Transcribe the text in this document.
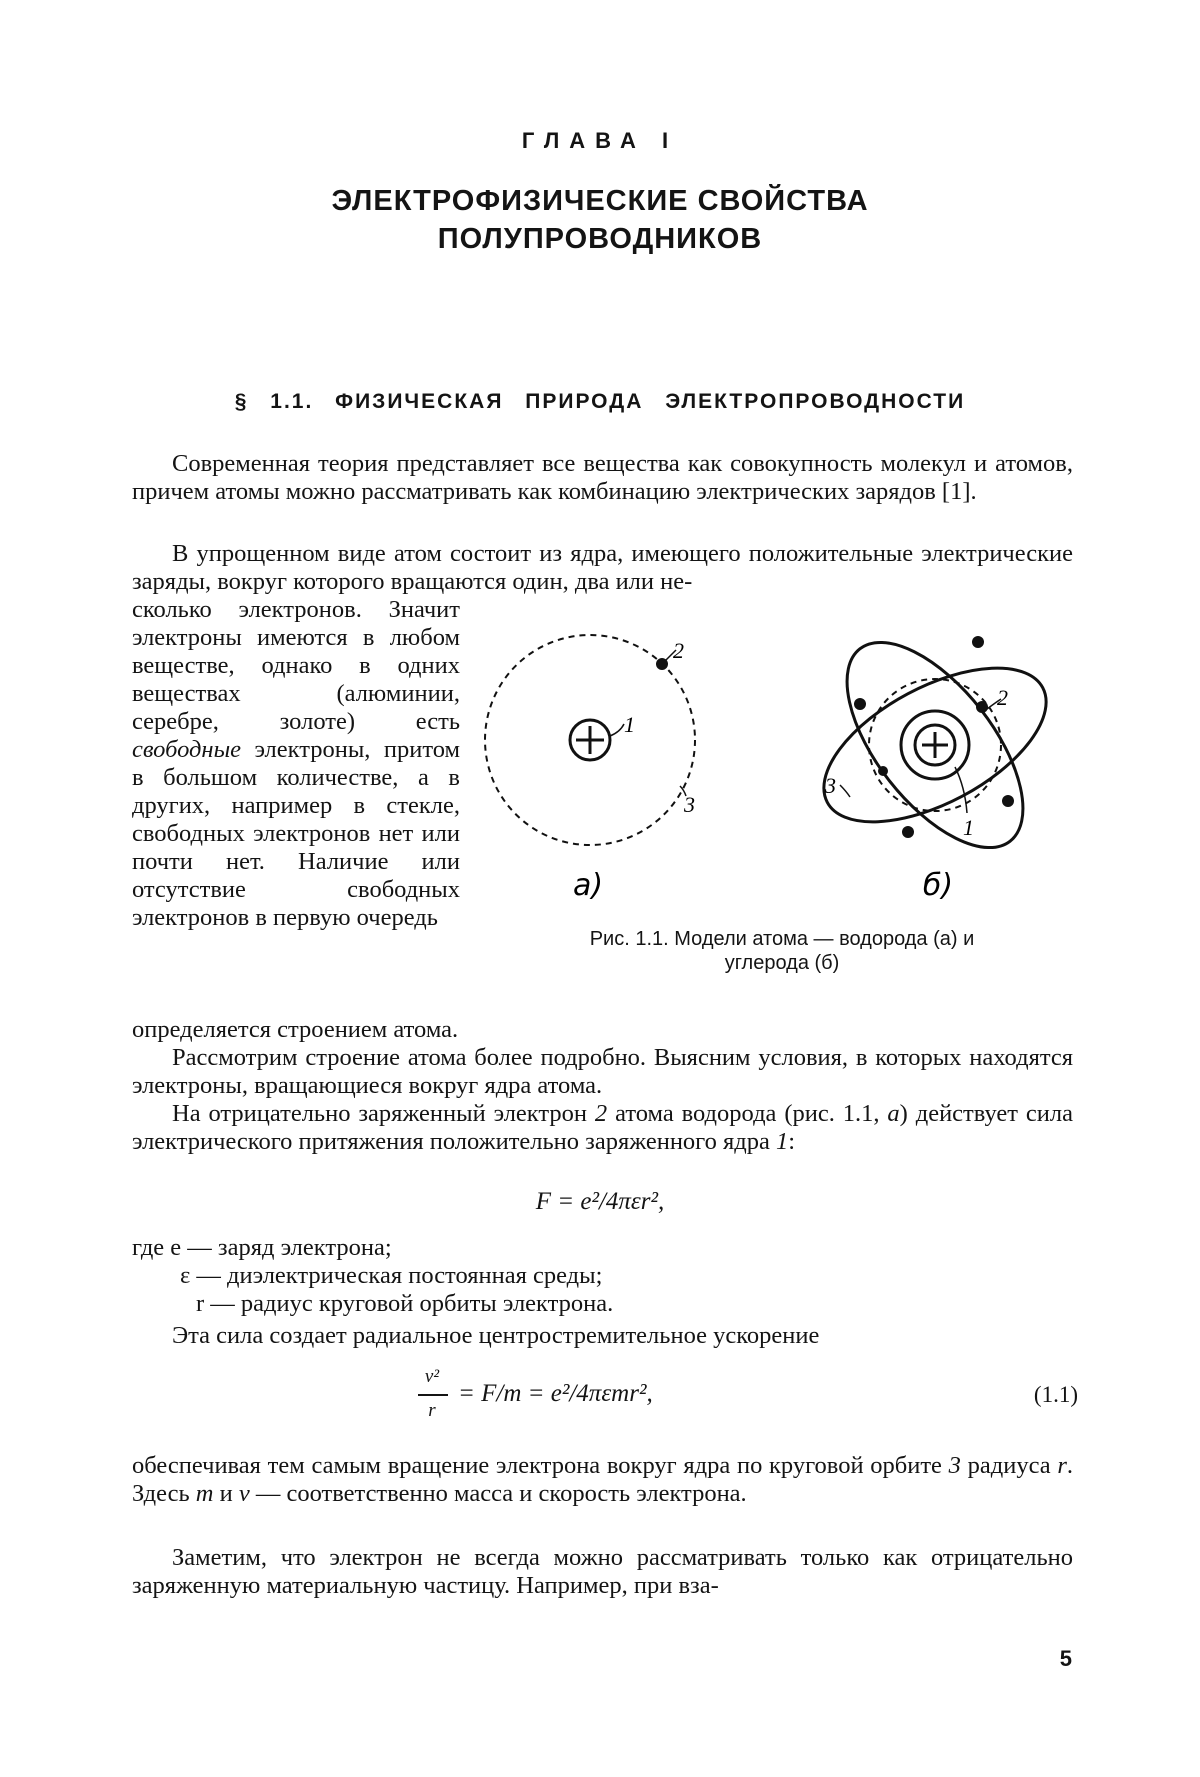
ГЛАВА I
ЭЛЕКТРОФИЗИЧЕСКИЕ СВОЙСТВА
ПОЛУПРОВОДНИКОВ
§ 1.1. ФИЗИЧЕСКАЯ ПРИРОДА ЭЛЕКТРОПРОВОДНОСТИ
Современная теория представляет все вещества как совокупность молекул и атомов, причем атомы можно рассматривать как комбинацию электрических зарядов [1].
В упрощенном виде атом состоит из ядра, имеющего положительные электрические заряды, вокруг которого вращаются один, два или не-
сколько электронов. Значит электроны имеются в любом веществе, однако в одних веществах (алюминии, серебре, золоте) есть свободные электроны, притом в большом количестве, а в других, например в стекле, свободных электронов нет или почти нет. Наличие или отсутствие свободных электронов в первую очередь
1
2
3
а)
2
3
1
б)
Рис. 1.1. Модели атома — водорода (а) и
углерода (б)
определяется строением атома.
Рассмотрим строение атома более подробно. Выясним условия, в которых находятся электроны, вращающиеся вокруг ядра атома.
На отрицательно заряженный электрон 2 атома водорода (рис. 1.1, а) действует сила электрического притяжения положительно заряженного ядра 1:
F = e²/4πεr²,
где e — заряд электрона;
ε — диэлектрическая постоянная среды;
r — радиус круговой орбиты электрона.
Эта сила создает радиальное центростремительное ускорение
v²
r
= F/m = e²/4πεmr²,	(1.1)
обеспечивая тем самым вращение электрона вокруг ядра по круговой орбите 3 радиуса r. Здесь m и v — соответственно масса и скорость электрона.
Заметим, что электрон не всегда можно рассматривать только как отрицательно заряженную материальную частицу. Например, при вза-
5
